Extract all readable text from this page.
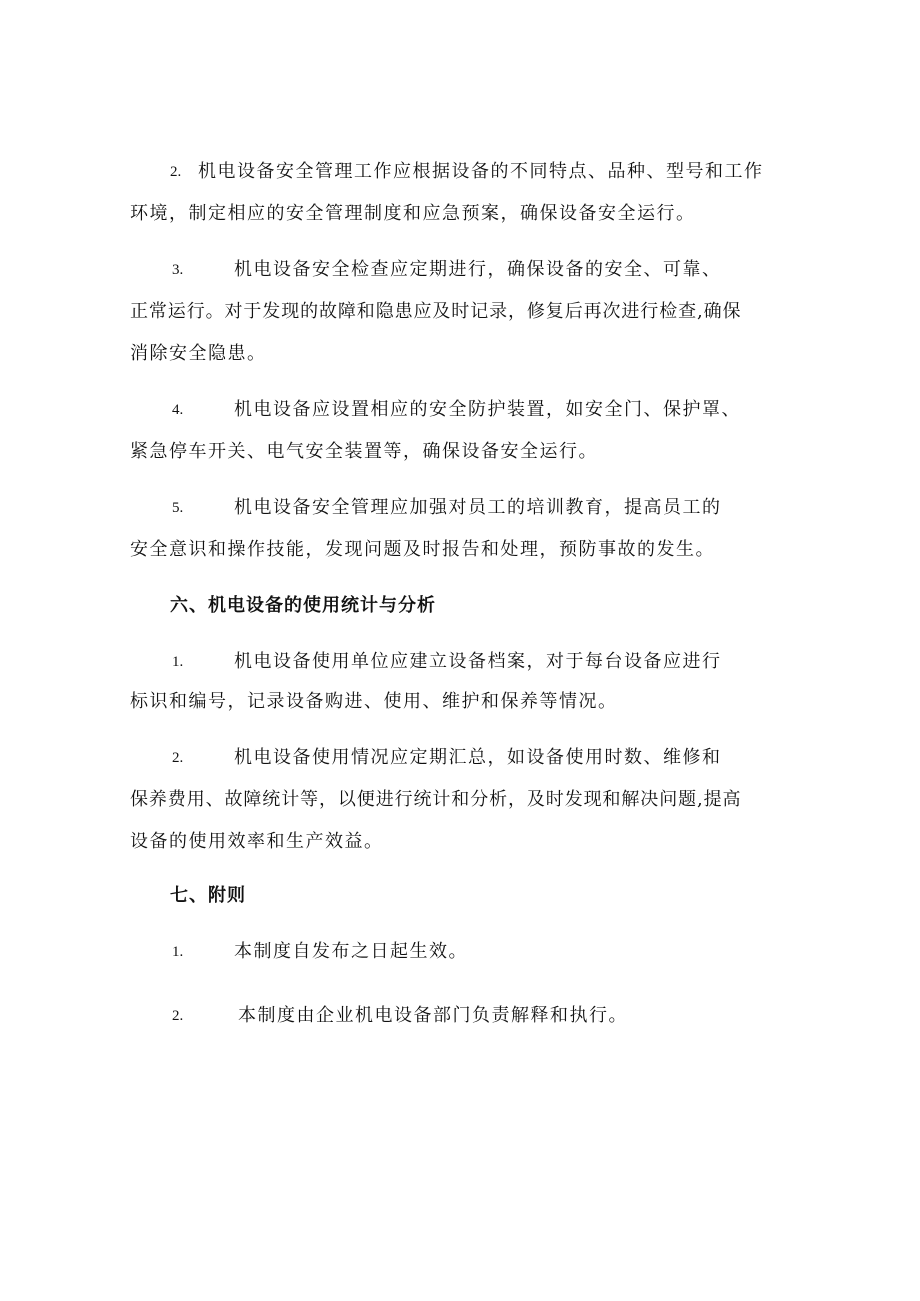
2. 机电设备安全管理工作应根据设备的不同特点、品种、型号和工作
环境，制定相应的安全管理制度和应急预案，确保设备安全运行。
3.	机电设备安全检查应定期进行，确保设备的安全、可靠、
正常运行。对于发现的故障和隐患应及时记录，修复后再次进行检查,确保
消除安全隐患。
4.	机电设备应设置相应的安全防护装置，如安全门、保护罩、
紧急停车开关、电气安全装置等，确保设备安全运行。
5.	机电设备安全管理应加强对员工的培训教育，提高员工的
安全意识和操作技能，发现问题及时报告和处理，预防事故的发生。
六、机电设备的使用统计与分析
1.	机电设备使用单位应建立设备档案，对于每台设备应进行
标识和编号，记录设备购进、使用、维护和保养等情况。
2.	机电设备使用情况应定期汇总，如设备使用时数、维修和
保养费用、故障统计等，以便进行统计和分析，及时发现和解决问题,提高
设备的使用效率和生产效益。
七、附则
1.	本制度自发布之日起生效。
2.	本制度由企业机电设备部门负责解释和执行。
